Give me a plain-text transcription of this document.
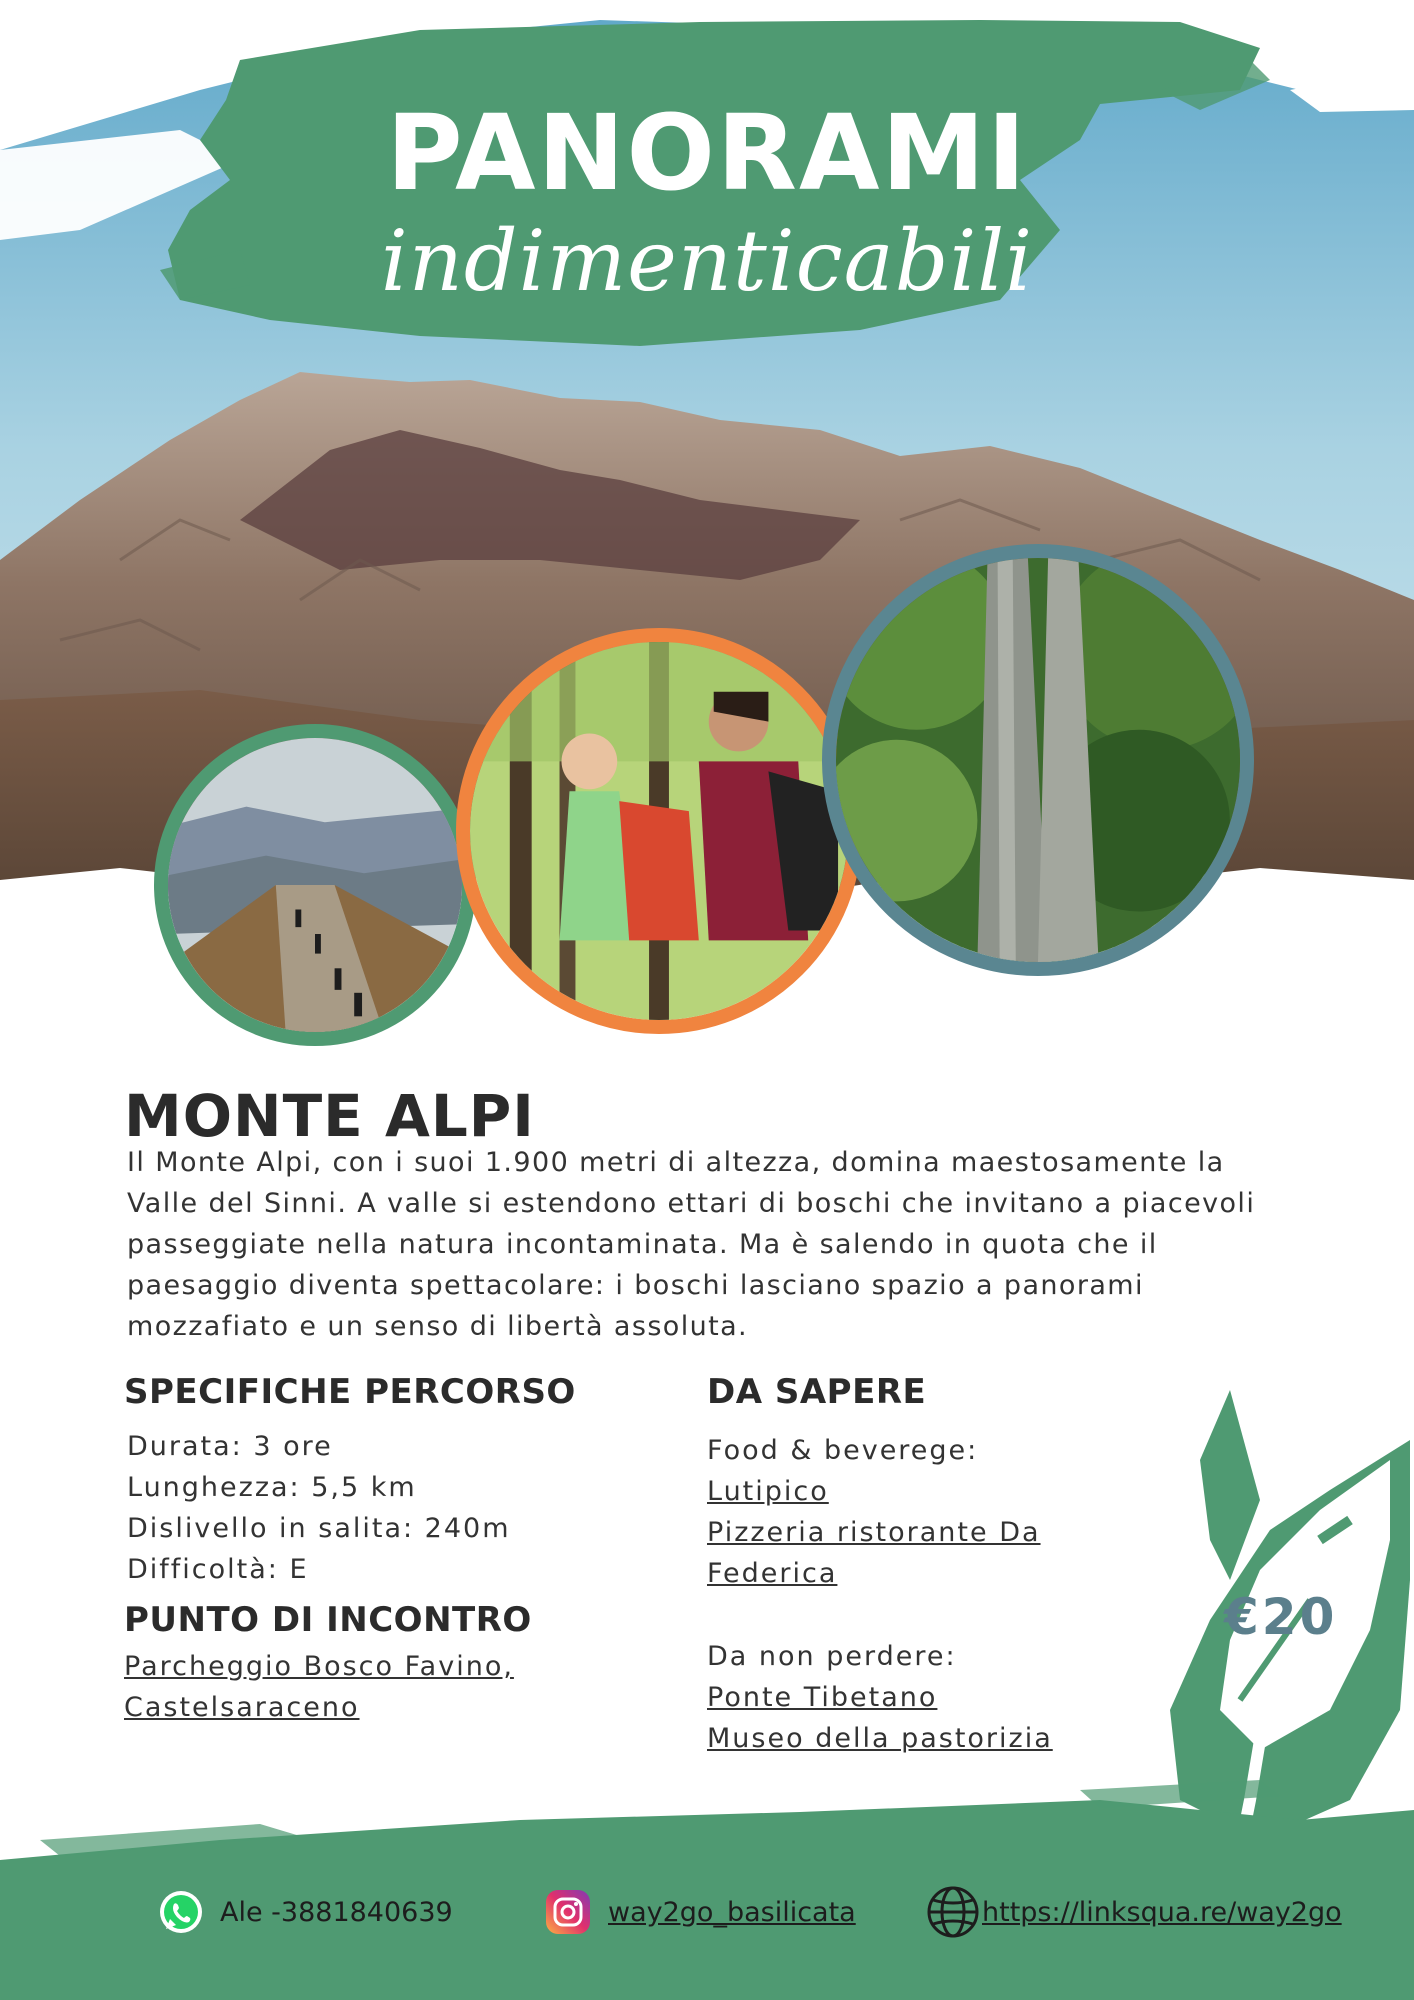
PANORAMI
indimenticabili
MONTE ALPI
Il Monte Alpi, con i suoi 1.900 metri di altezza, domina maestosamente la Valle del Sinni. A valle si estendono ettari di boschi che invitano a piacevoli passeggiate nella natura incontaminata. Ma è salendo in quota che il paesaggio diventa spettacolare: i boschi lasciano spazio a panorami mozzafiato e un senso di libertà assoluta.
SPECIFICHE PERCORSO
Durata: 3 ore
Lunghezza: 5,5 km
Dislivello in salita: 240m
Difficoltà: E
PUNTO DI INCONTRO
Parcheggio Bosco Favino,
Castelsaraceno
€20
DA SAPERE
Food & beverege:
Lutipico
Pizzeria ristorante Da
Federica
Da non perdere:
Ponte Tibetano
Museo della pastorizia
Ale -3881840639	way2go_basilicata	https://linksqua.re/way2go
